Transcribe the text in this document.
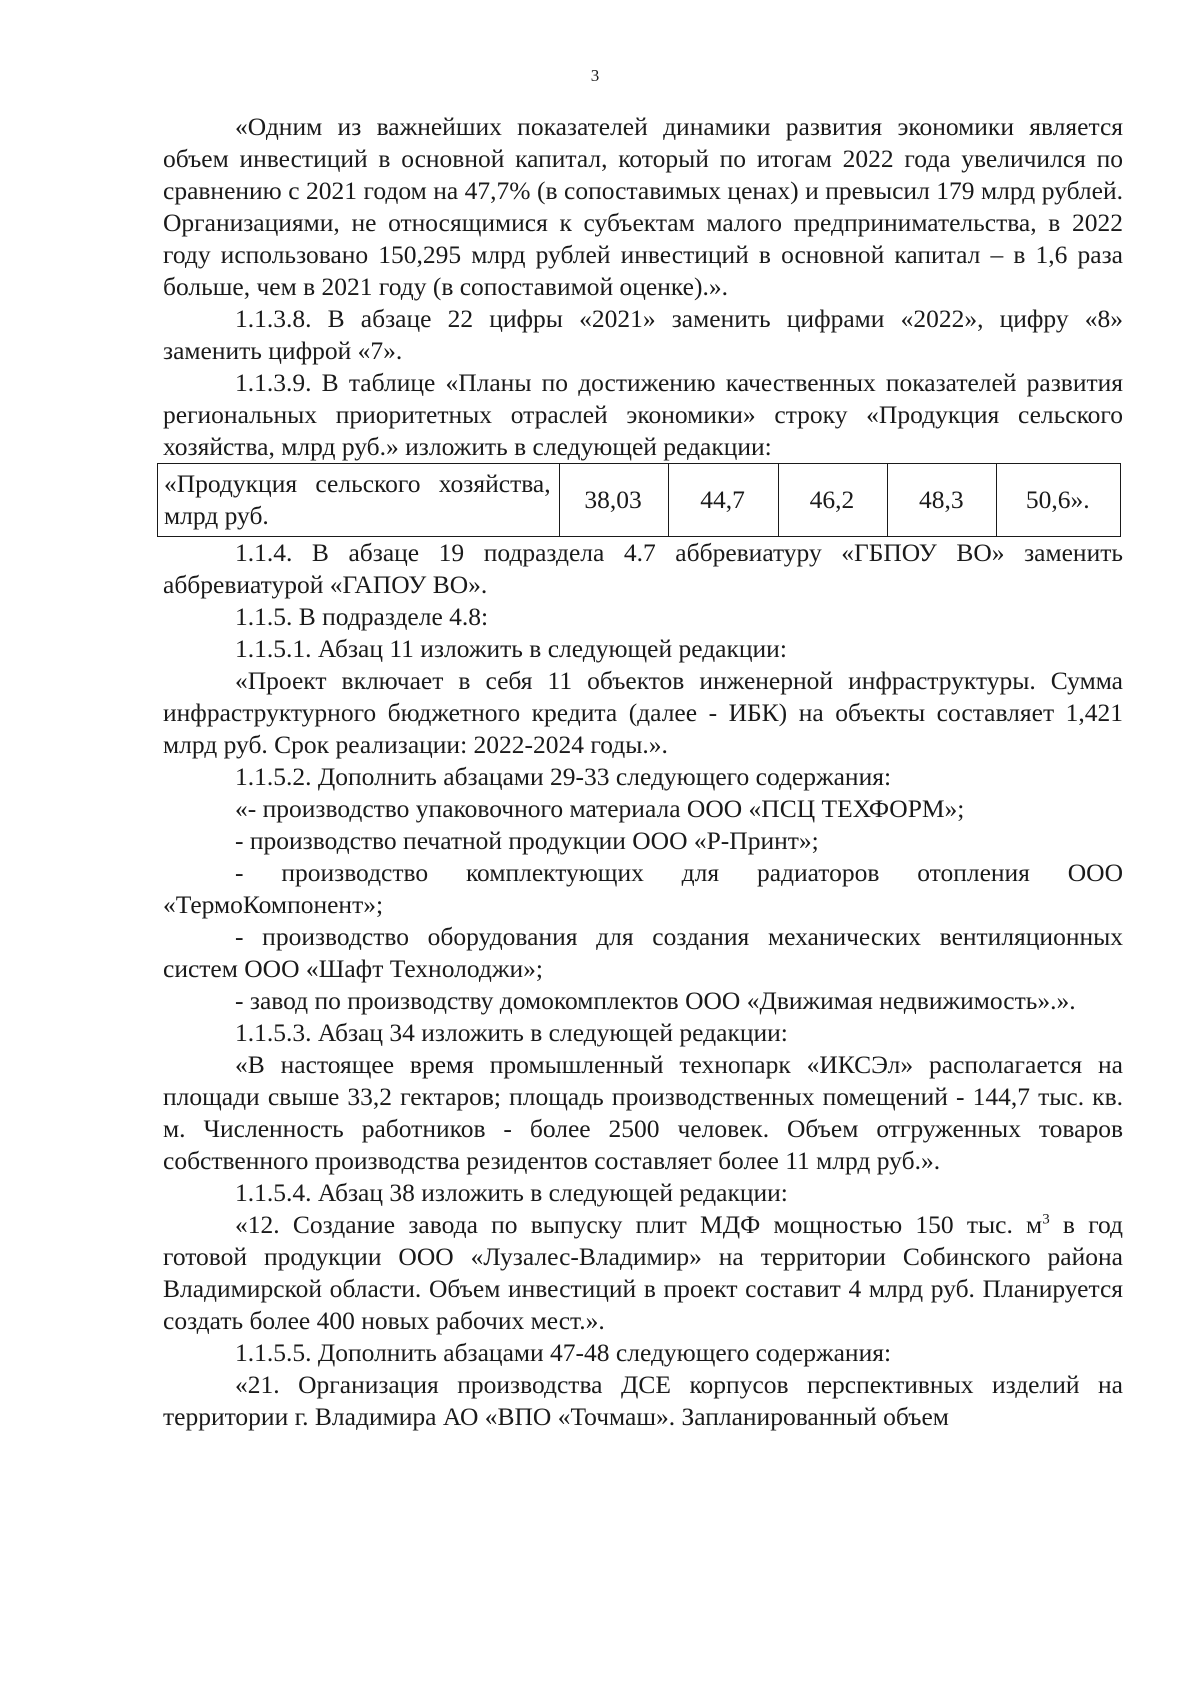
3

«Одним из важнейших показателей динамики развития экономики является объем инвестиций в основной капитал, который по итогам 2022 года увеличился по сравнению с 2021 годом на 47,7% (в сопоставимых ценах) и превысил 179 млрд рублей. Организациями, не относящимися к субъектам малого предпринимательства, в 2022 году использовано 150,295 млрд рублей инвестиций в основной капитал – в 1,6 раза больше, чем в 2021 году (в сопоставимой оценке).».

1.1.3.8. В абзаце 22 цифры «2021» заменить цифрами «2022», цифру «8» заменить цифрой «7».

1.1.3.9. В таблице «Планы по достижению качественных показателей развития региональных приоритетных отраслей экономики» строку «Продукция сельского хозяйства, млрд руб.» изложить в следующей редакции:

«Продукция сельского хозяйства, млрд руб.	38,03	44,7	46,2	48,3	50,6».

1.1.4. В абзаце 19 подраздела 4.7 аббревиатуру «ГБПОУ ВО» заменить аббревиатурой «ГАПОУ ВО».

1.1.5. В подразделе 4.8:

1.1.5.1. Абзац 11 изложить в следующей редакции:

«Проект включает в себя 11 объектов инженерной инфраструктуры. Сумма инфраструктурного бюджетного кредита (далее - ИБК) на объекты составляет 1,421 млрд руб. Срок реализации: 2022-2024 годы.».

1.1.5.2. Дополнить абзацами 29-33 следующего содержания:

«- производство упаковочного материала ООО «ПСЦ ТЕХФОРМ»;

- производство печатной продукции ООО «Р-Принт»;

- производство комплектующих для радиаторов отопления ООО «ТермоКомпонент»;

- производство оборудования для создания механических вентиляционных систем ООО «Шафт Технолоджи»;

- завод по производству домокомплектов ООО «Движимая недвижимость».».

1.1.5.3. Абзац 34 изложить в следующей редакции:

«В настоящее время промышленный технопарк «ИКСЭл» располагается на площади свыше 33,2 гектаров; площадь производственных помещений - 144,7 тыс. кв. м. Численность работников - более 2500 человек. Объем отгруженных товаров собственного производства резидентов составляет более 11 млрд руб.».

1.1.5.4. Абзац 38 изложить в следующей редакции:

«12. Создание завода по выпуску плит МДФ мощностью 150 тыс. $м^3$ в год готовой продукции ООО «Лузалес-Владимир» на территории Собинского района Владимирской области. Объем инвестиций в проект составит 4 млрд руб. Планируется создать более 400 новых рабочих мест.».

1.1.5.5. Дополнить абзацами 47-48 следующего содержания:

«21. Организация производства ДСЕ корпусов перспективных изделий на территории г. Владимира АО «ВПО «Точмаш». Запланированный объем
